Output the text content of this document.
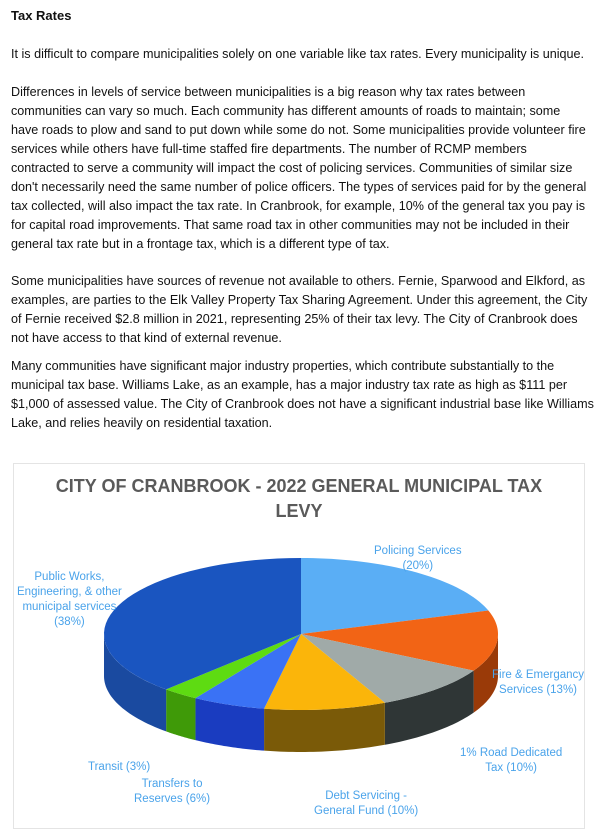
Tax Rates
It is difficult to compare municipalities solely on one variable like tax rates. Every municipality is unique.
Differences in levels of service between municipalities is a big reason why tax rates between
communities can vary so much. Each community has different amounts of roads to maintain; some
have roads to plow and sand to put down while some do not. Some municipalities provide volunteer fire
services while others have full-time staffed fire departments. The number of RCMP members
contracted to serve a community will impact the cost of policing services. Communities of similar size
don't necessarily need the same number of police officers. The types of services paid for by the general
tax collected, will also impact the tax rate. In Cranbrook, for example, 10% of the general tax you pay is
for capital road improvements. That same road tax in other communities may not be included in their
general tax rate but in a frontage tax, which is a different type of tax.
Some municipalities have sources of revenue not available to others. Fernie, Sparwood and Elkford, as
examples, are parties to the Elk Valley Property Tax Sharing Agreement. Under this agreement, the City
of Fernie received $2.8 million in 2021, representing 25% of their tax levy. The City of Cranbrook does
not have access to that kind of external revenue.
Many communities have significant major industry properties, which contribute substantially to the
municipal tax base. Williams Lake, as an example, has a major industry tax rate as high as $111 per
$1,000 of assessed value. The City of Cranbrook does not have a significant industrial base like Williams
Lake, and relies heavily on residential taxation.
CITY OF CRANBROOK - 2022 GENERAL MUNICIPAL TAX
LEVY
Policing Services
(20%)
Fire & Emergancy
Services (13%)
1% Road Dedicated
Tax (10%)
Debt Servicing -
General Fund (10%)
Transfers to
Reserves (6%)
Transit (3%)
Public Works,
Engineering, & other
municipal services
(38%)
